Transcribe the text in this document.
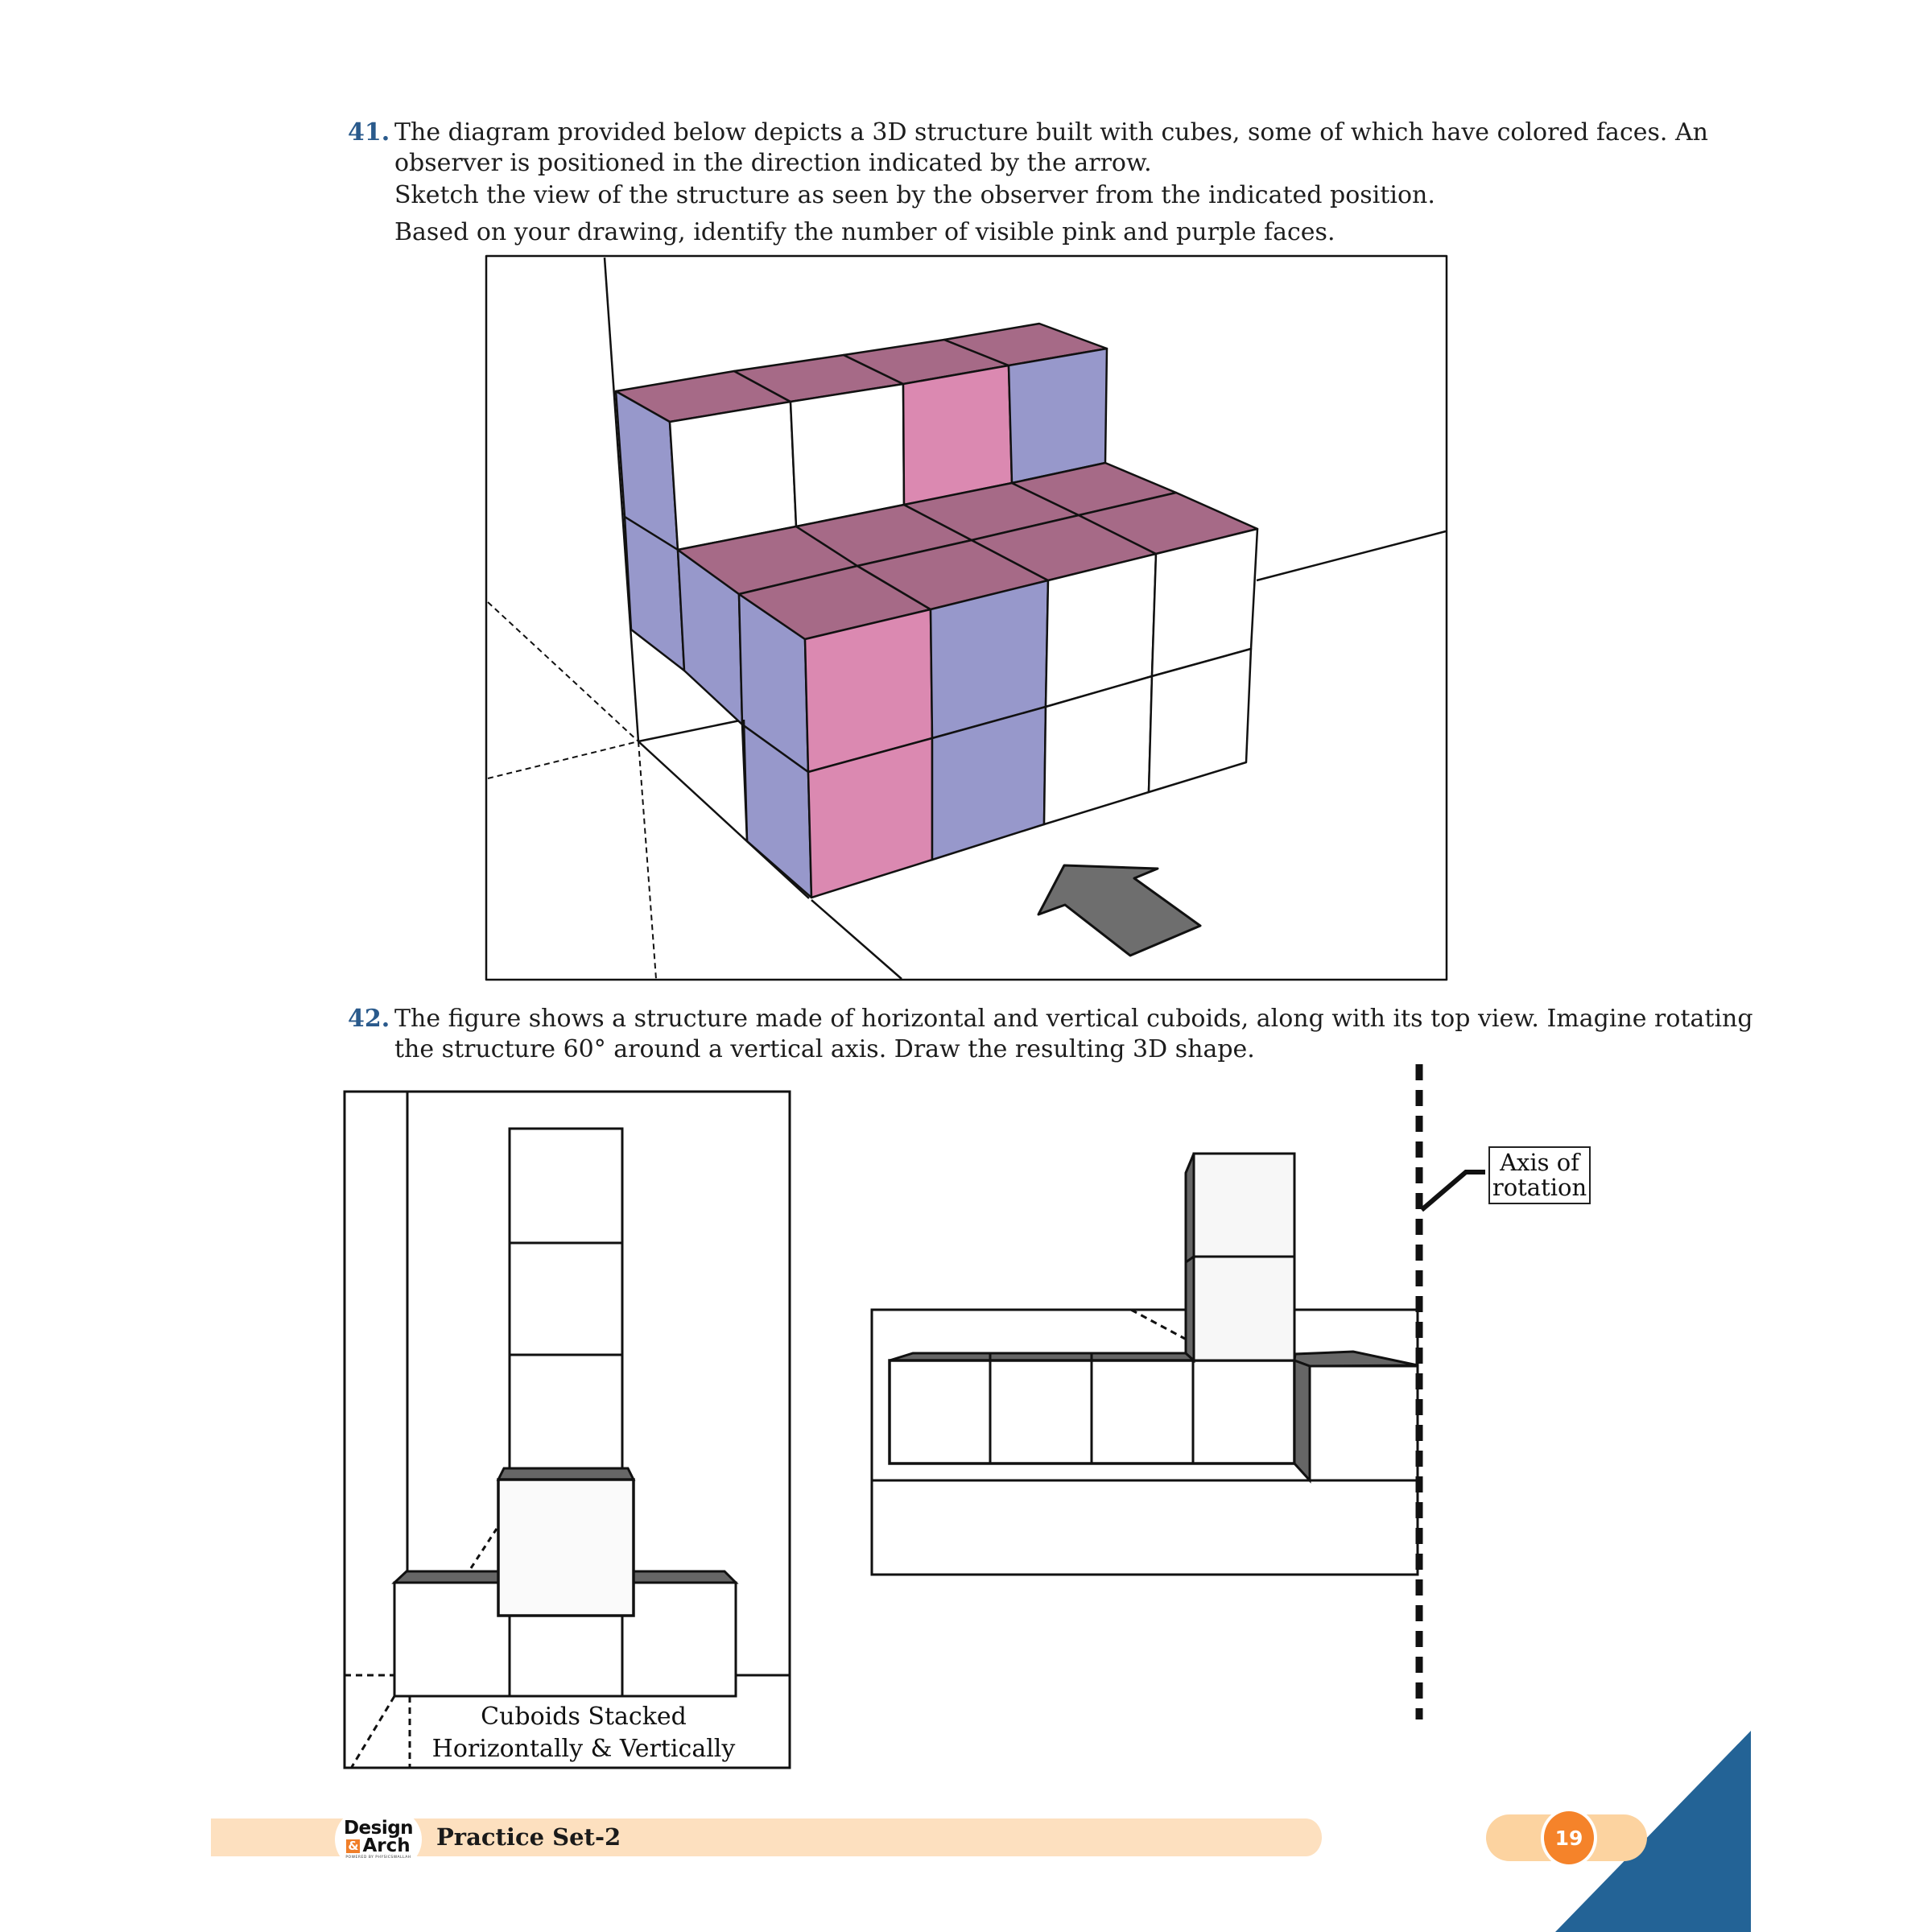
41. The diagram provided below depicts a 3D structure built with cubes, some of which have colored faces. An
observer is positioned in the direction indicated by the arrow.
Sketch the view of the structure as seen by the observer from the indicated position.
Based on your drawing, identify the number of visible pink and purple faces.
42. The figure shows a structure made of horizontal and vertical cuboids, along with its top view. Imagine rotating
the structure 60° around a vertical axis. Draw the resulting 3D shape.
Axis of
rotation
Cuboids Stacked
Horizontally & Vertically
Design
& Arch
POWERED BY PHYSICSWALLAH
Practice Set-2	19
